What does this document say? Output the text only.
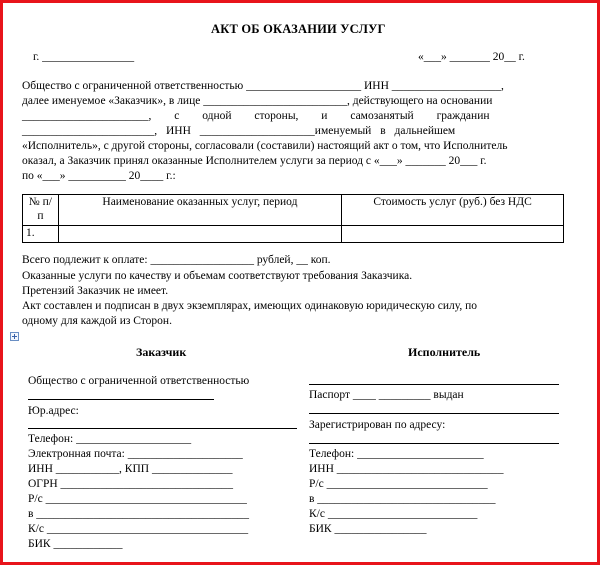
АКТ ОБ ОКАЗАНИИ УСЛУГ
г. ________________	«___» _______ 20__ г.
Общество с ограниченной ответственностью ____________________ ИНН ___________________,
далее именуемое «Заказчик», в лице _________________________, действующего на основании
______________________, с одной стороны, и самозанятый гражданин
_______________________, ИНН ____________________именуемый в дальнейшем
«Исполнитель», с другой стороны, согласовали (составили) настоящий акт о том, что Исполнитель
оказал, а Заказчик принял оказанные Исполнителем услуги за период с «___» _______ 20___ г.
по «___» __________ 20____ г.:
№ п/п	Наименование оказанных услуг, период	Стоимость услуг (руб.) без НДС
1.		
Всего подлежит к оплате: __________________ рублей, __ коп.
Оказанные услуги по качеству и объемам соответствуют требования Заказчика.
Претензий Заказчик не имеет.
Акт составлен и подписан в двух экземплярах, имеющих одинаковую юридическую силу, по
одному для каждой из Сторон.
Заказчик
Общество с ограниченной ответственностью
Юр.адрес:
Телефон: ____________________
Электронная почта: ____________________
ИНН ___________, КПП ______________
ОГРН ______________________________
Р/с ___________________________________
в _____________________________________
К/с ___________________________________
БИК ____________
Исполнитель
Паспорт ____ _________ выдан
Зарегистрирован по адресу:
Телефон: ______________________
ИНН _____________________________
Р/с ____________________________
в _______________________________
К/с __________________________
БИК ________________
